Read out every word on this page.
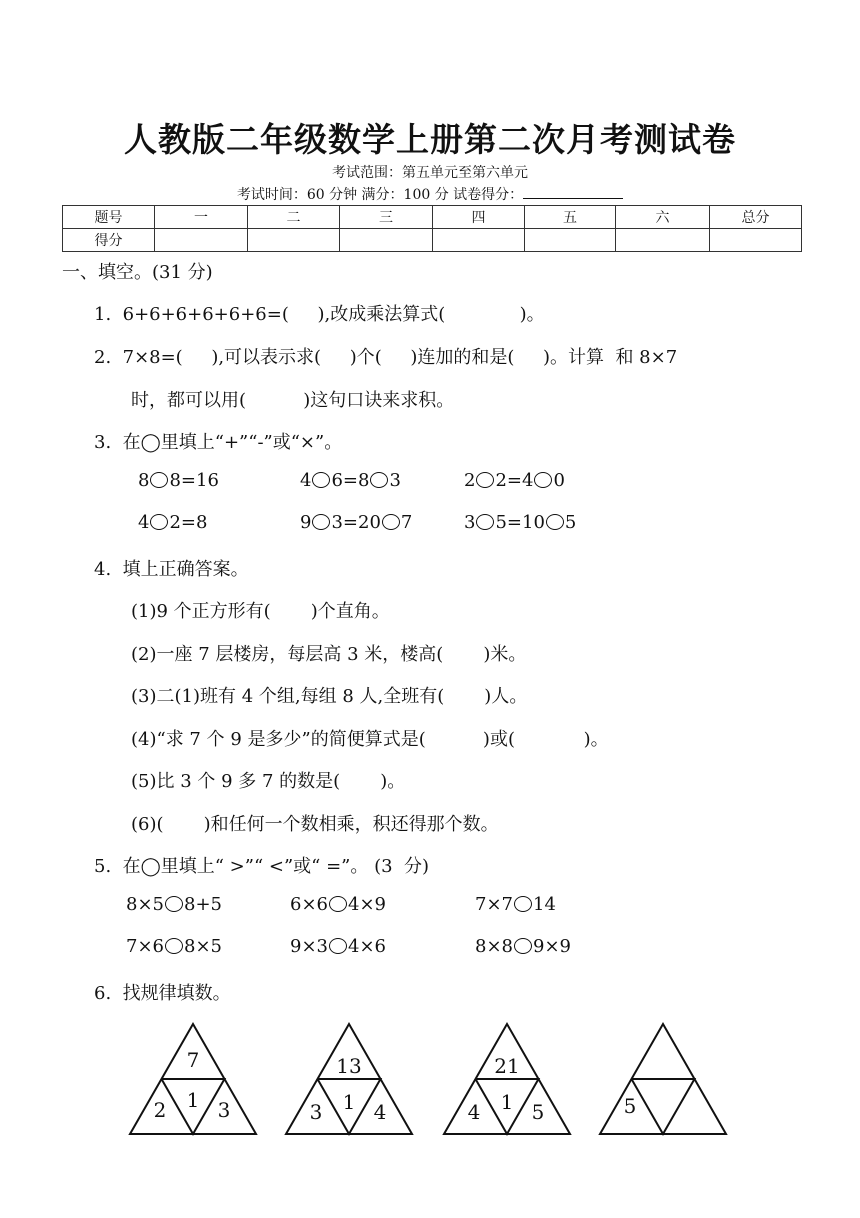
人教版二年级数学上册第二次月考测试卷
考试范围：第五单元至第六单元
考试时间：60 分钟 满分：100 分 试卷得分：
题号	一	二	三	四	五	六	总分
得分							
一、填空。(31 分)
1.  6+6+6+6+6+6=(     ),改成乘法算式(             )。
2.  7×8=(     ),可以表示求(     )个(     )连加的和是(     )。计算  和 8×7
时，都可以用(          )这句口诀来求积。
3.  在◯里填上“+”“-”或“×”。
8 8=16	4 6=8 3	2 2=4 0
4 2=8	9 3=20 7	3 5=10 5
4.  填上正确答案。
(1)9 个正方形有(       )个直角。
(2)一座 7 层楼房，每层高 3 米，楼高(       )米。
(3)二(1)班有 4 个组,每组 8 人,全班有(       )人。
(4)“求 7 个 9 是多少”的简便算式是(          )或(            )。
(5)比 3 个 9 多 7 的数是(       )。
(6)(       )和任何一个数相乘，积还得那个数。
5.  在◯里填上“ >”“ <”或“ =”。 (3  分)
8×5 8+5	6×6 4×9	7×7 14
7×6 8×5	9×3 4×6	8×8 9×9
6.  找规律填数。
7
2	1 3
13
3	1 4
21
4	1 5	5
